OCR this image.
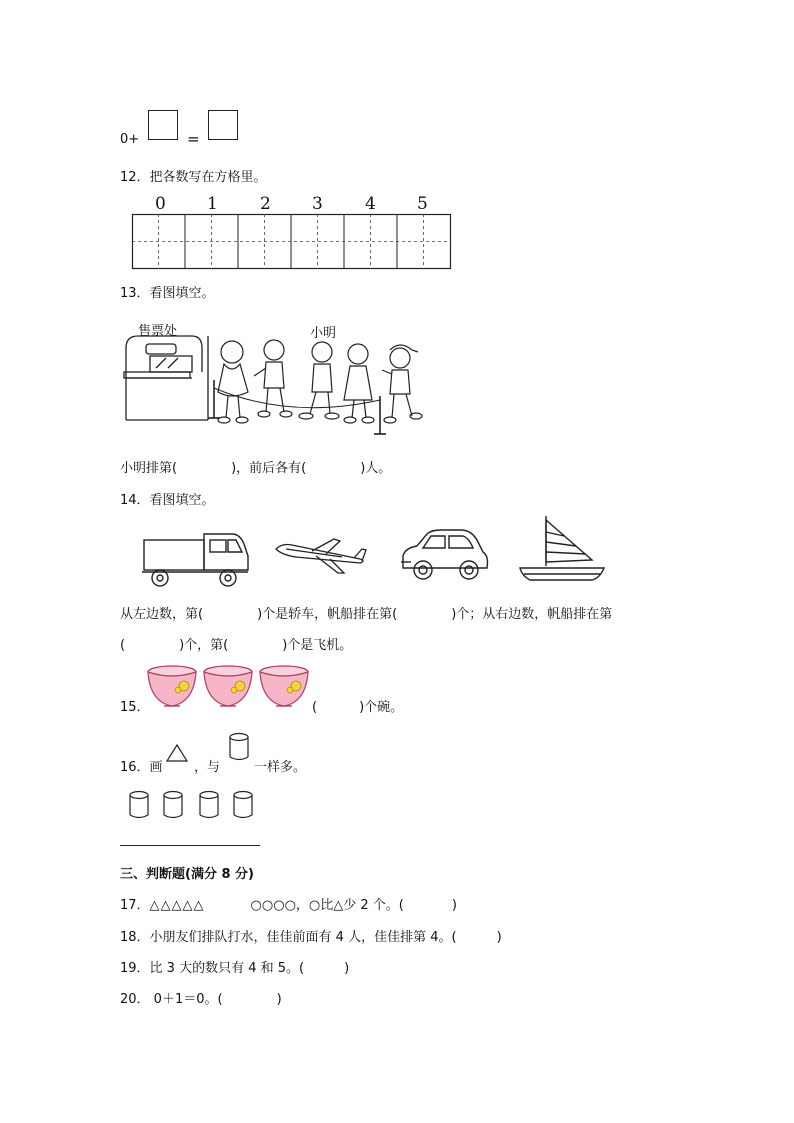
0+	=
12．把各数写在方格里。
0 1 2 3 4 5
13．看图填空。
售票处	小明
小明排第(	)，前后各有(	)人。
14．看图填空。
从左边数，第(	)个是轿车，帆船排在第(	)个；从右边数，帆船排在第
(	)个，第(	)个是飞机。
15．	(	)个碗。
16．画 ，与	一样多。
三、判断题(满分 8 分)
17．△△△△△	○○○○，○比△少 2 个。(	)
18．小朋友们排队打水，佳佳前面有 4 人，佳佳排第 4。(	)
19．比 3 大的数只有 4 和 5。(	)
20． 0＋1＝0。(	)
